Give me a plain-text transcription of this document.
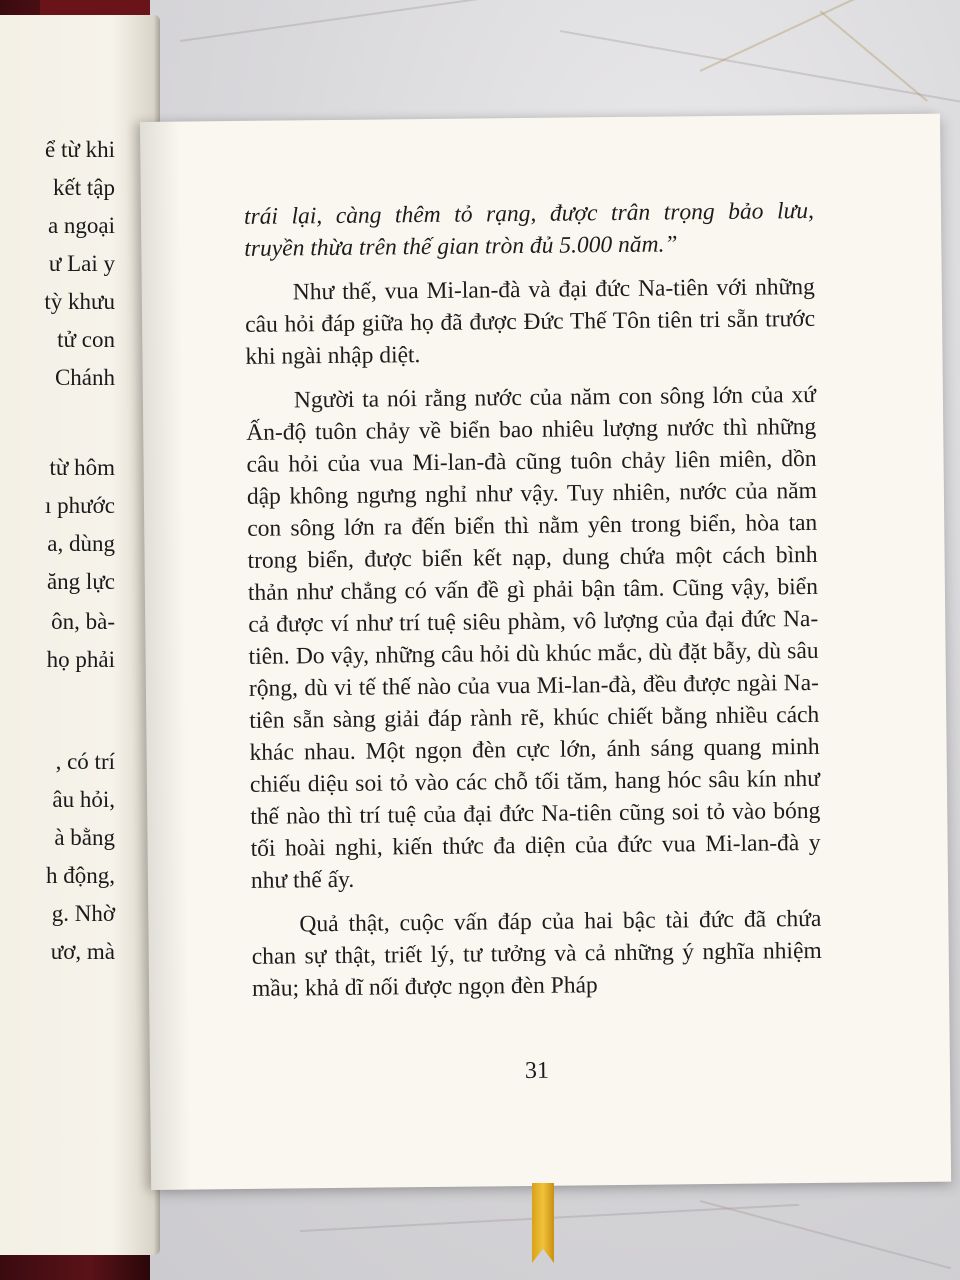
ể từ khi
kết tập
a ngoại
ư Lai y
tỳ khưu
tử con
Chánh
từ hôm
ı phước
a, dùng
ăng lực
ôn, bà-
họ phải
, có trí
âu hỏi,
à bằng
h động,
g. Nhờ
ươ, mà

trái lại, càng thêm tỏ rạng, được trân trọng bảo lưu,

truyền thừa trên thế gian tròn đủ 5.000 năm.”

Như thế, vua Mi-lan-đà và đại đức Na-tiên với những câu hỏi đáp giữa họ đã được Đức Thế Tôn tiên tri sẵn trước khi ngài nhập diệt.

Người ta nói rằng nước của năm con sông lớn của xứ Ấn-độ tuôn chảy về biển bao nhiêu lượng nước thì những câu hỏi của vua Mi-lan-đà cũng tuôn chảy liên miên, dồn dập không ngưng nghỉ như vậy. Tuy nhiên, nước của năm con sông lớn ra đến biển thì nằm yên trong biển, hòa tan trong biển, được biển kết nạp, dung chứa một cách bình thản như chẳng có vấn đề gì phải bận tâm. Cũng vậy, biển cả được ví như trí tuệ siêu phàm, vô lượng của đại đức Na-tiên. Do vậy, những câu hỏi dù khúc mắc, dù đặt bẫy, dù sâu rộng, dù vi tế thế nào của vua Mi-lan-đà, đều được ngài Na-tiên sẵn sàng giải đáp rành rẽ, khúc chiết bằng nhiều cách khác nhau. Một ngọn đèn cực lớn, ánh sáng quang minh chiếu diệu soi tỏ vào các chỗ tối tăm, hang hóc sâu kín như thế nào thì trí tuệ của đại đức Na-tiên cũng soi tỏ vào bóng tối hoài nghi, kiến thức đa diện của đức vua Mi-lan-đà y như thế ấy.

Quả thật, cuộc vấn đáp của hai bậc tài đức đã chứa chan sự thật, triết lý, tư tưởng và cả những ý nghĩa nhiệm mầu; khả dĩ nối được ngọn đèn Pháp

31
